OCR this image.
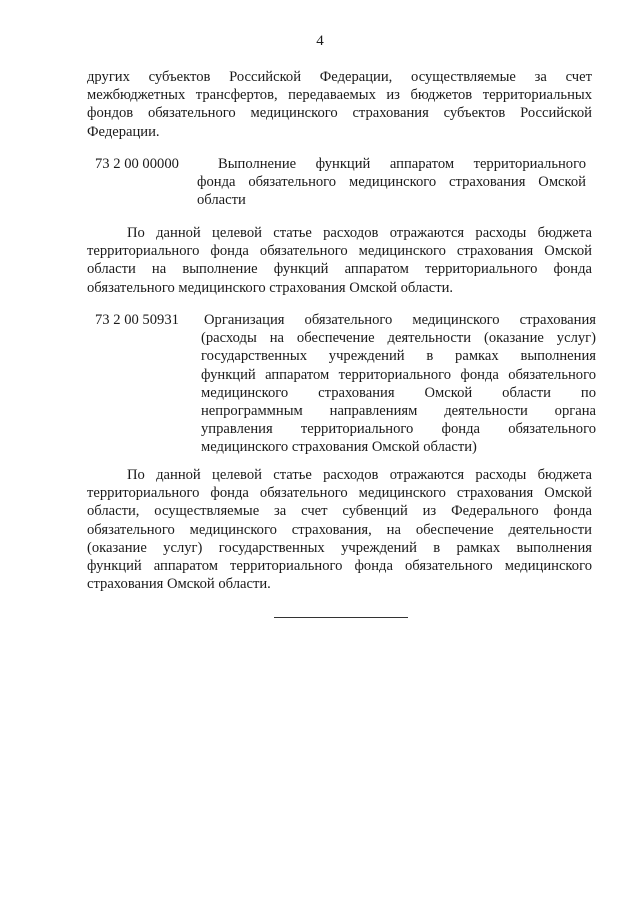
4
других субъектов Российской Федерации, осуществляемые за счет
межбюджетных трансфертов, передаваемых из бюджетов территориальных
фондов обязательного медицинского страхования субъектов Российской
Федерации.
73 2 00 00000	Выполнение функций аппаратом территориального
фонда обязательного медицинского страхования Омской
области
По данной целевой статье расходов отражаются расходы бюджета
территориального фонда обязательного медицинского страхования Омской
области на выполнение функций аппаратом территориального фонда
обязательного медицинского страхования Омской области.
73 2 00 50931 Организация обязательного медицинского страхования
(расходы на обеспечение деятельности (оказание услуг)
государственных учреждений в рамках выполнения
функций аппаратом территориального фонда обязательного
медицинского страхования Омской области по
непрограммным направлениям деятельности органа
управления территориального фонда обязательного
медицинского страхования Омской области)
По данной целевой статье расходов отражаются расходы бюджета
территориального фонда обязательного медицинского страхования Омской
области, осуществляемые за счет субвенций из Федерального фонда
обязательного медицинского страхования, на обеспечение деятельности
(оказание услуг) государственных учреждений в рамках выполнения
функций аппаратом территориального фонда обязательного медицинского
страхования Омской области.
